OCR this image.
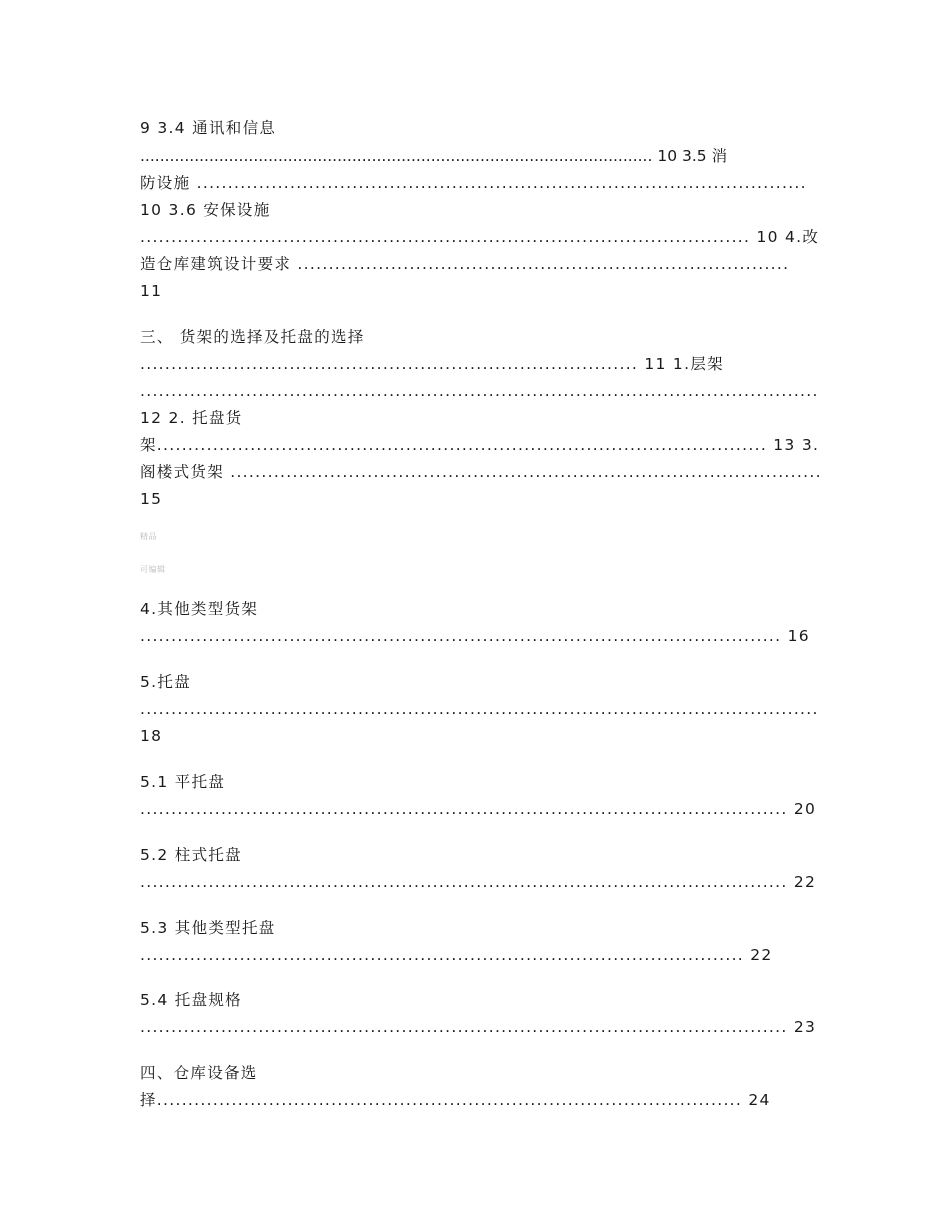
9 3.4 通讯和信息
........................................................................................................ 10 3.5 消
防设施 ..................................................................................................
10 3.6 安保设施
.................................................................................................. 10 4.改
造仓库建筑设计要求 ...............................................................................
11
三、 货架的选择及托盘的选择
................................................................................ 11 1.层架
.............................................................................................................
12 2. 托盘货
架.................................................................................................. 13 3.
阁楼式货架 ...............................................................................................
15
精品
可编辑
4.其他类型货架
....................................................................................................... 16
5.托盘
.............................................................................................................
18
5.1 平托盘
........................................................................................................ 20
5.2 柱式托盘
........................................................................................................ 22
5.3 其他类型托盘
................................................................................................. 22
5.4 托盘规格
........................................................................................................ 23
四、仓库设备选
择.............................................................................................. 24
